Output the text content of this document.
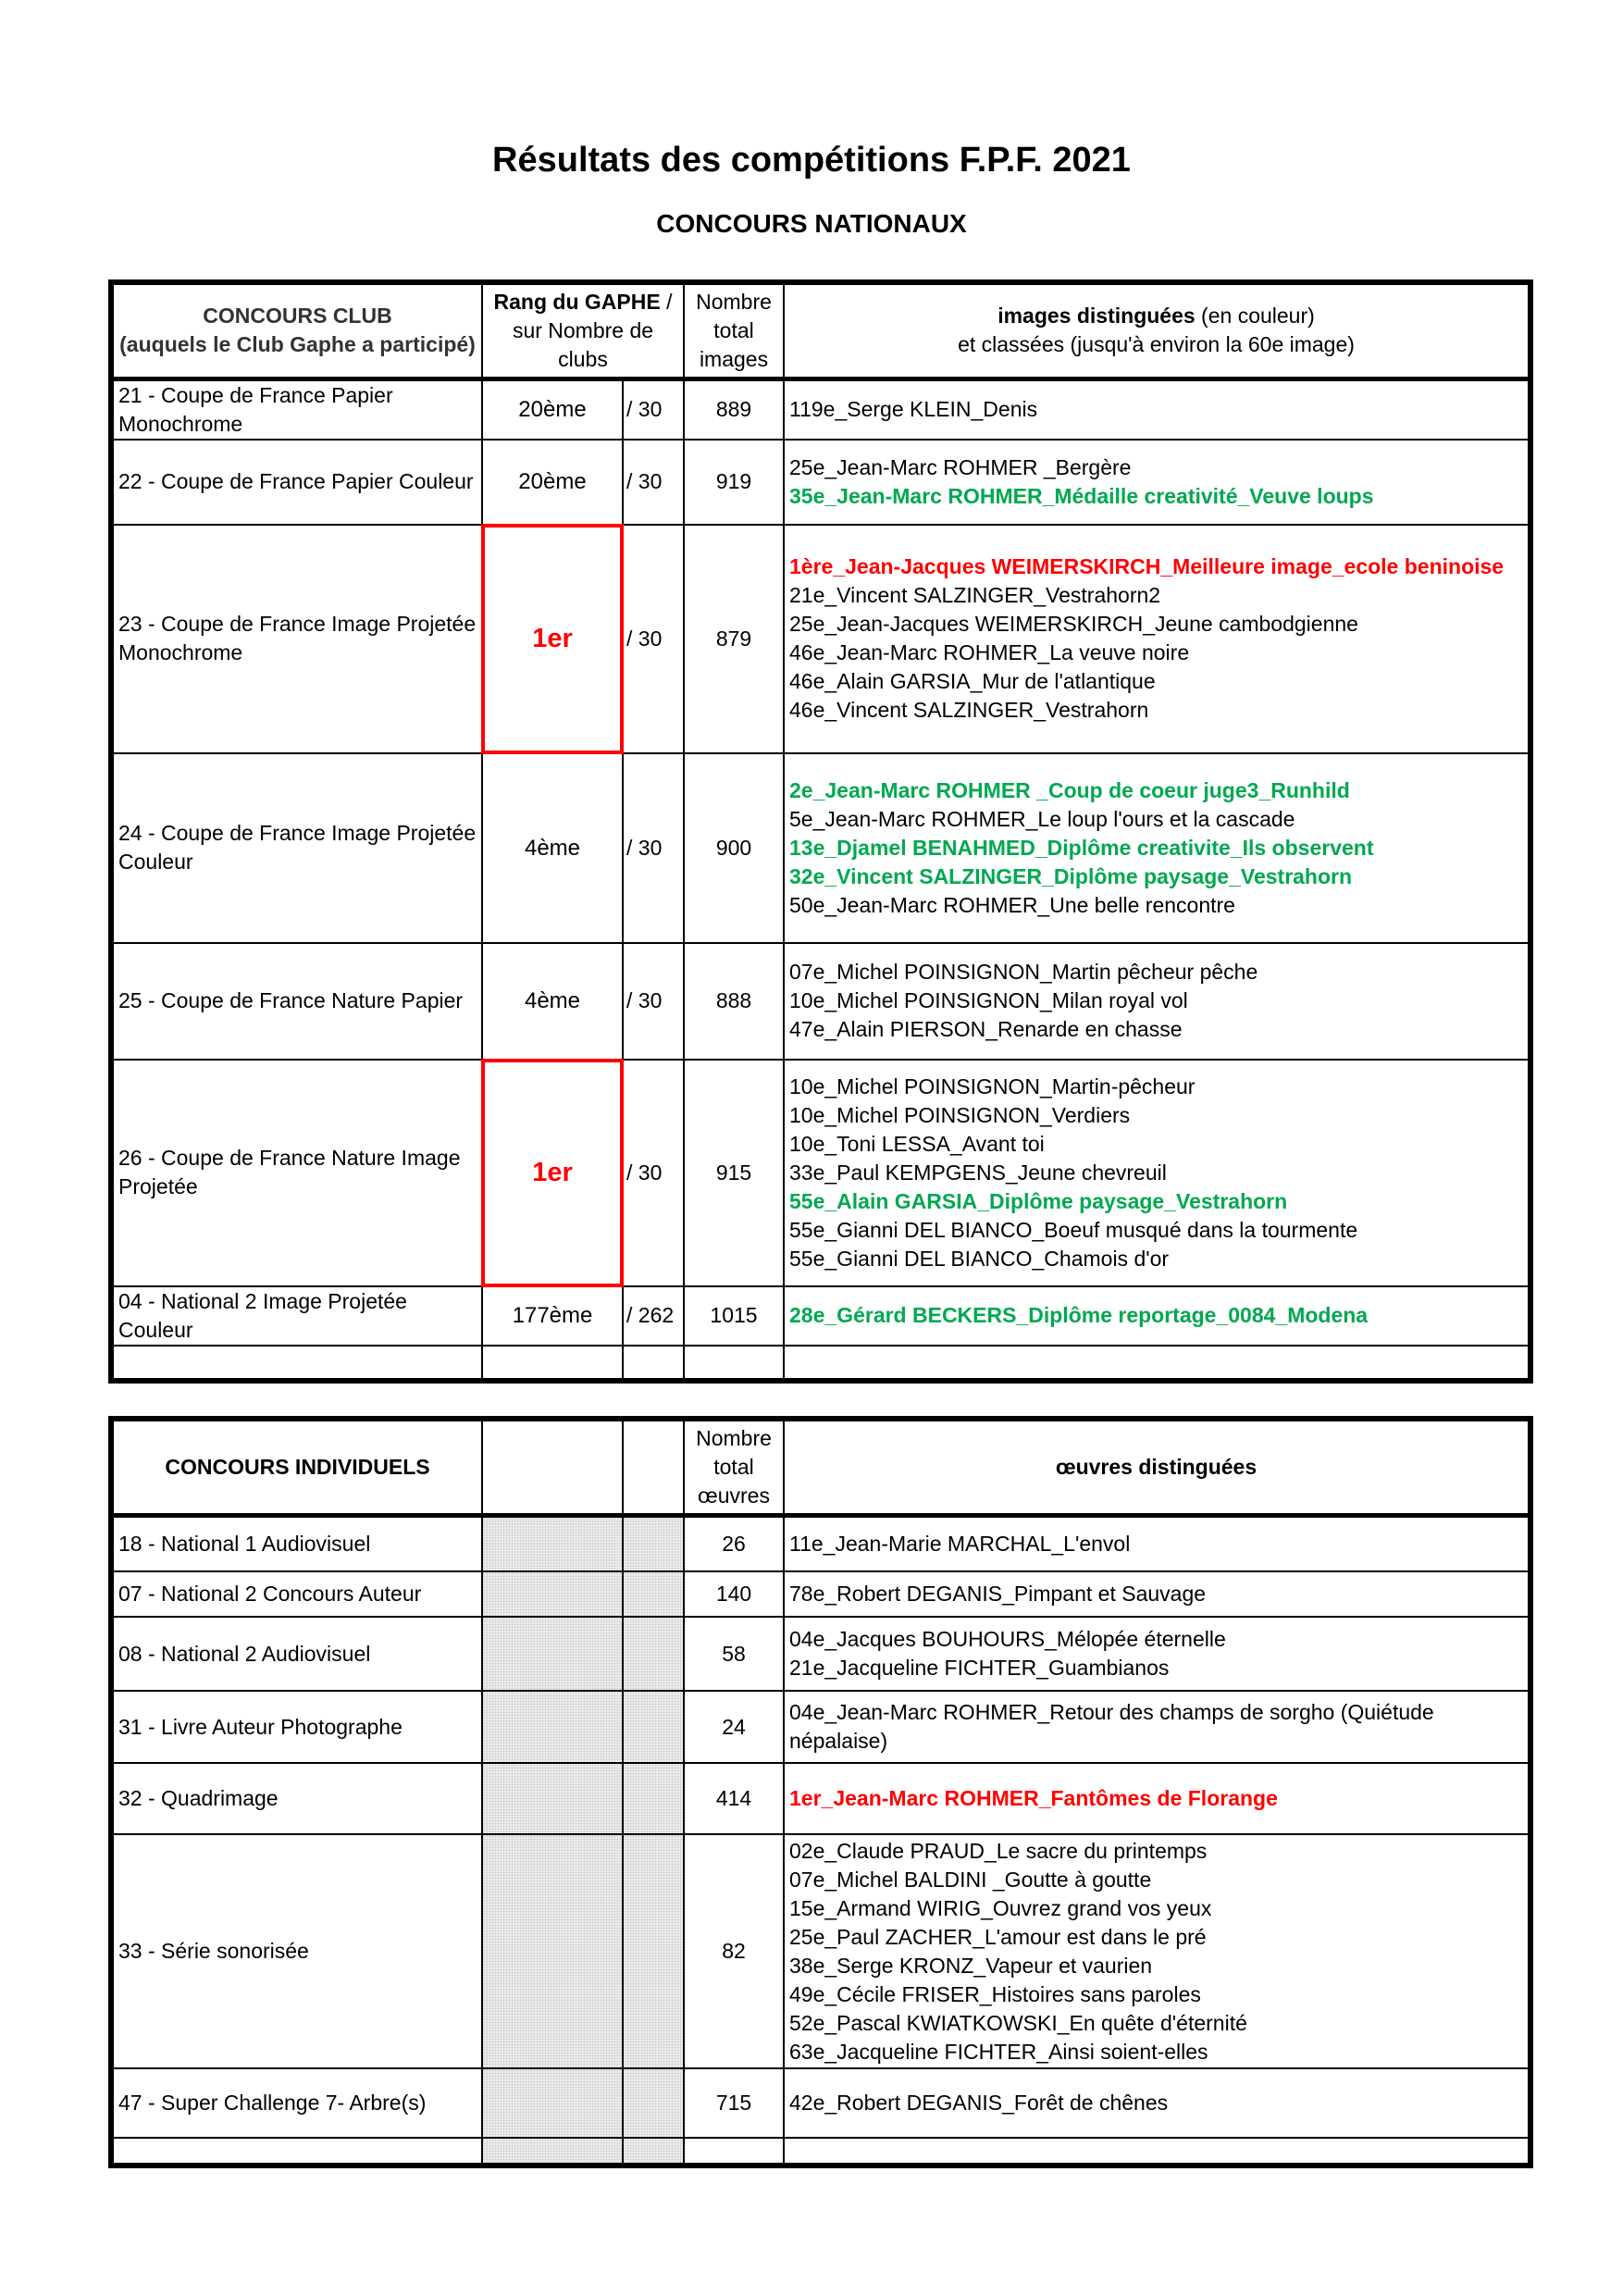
Résultats des compétitions F.P.F. 2021
CONCOURS NATIONAUX
CONCOURS CLUB
(auquels le Club Gaphe a participé)	Rang du GAPHE / sur Nombre de clubs		Nombre total images	images distinguées (en couleur)
et classées (jusqu'à environ la 60e image)
21 - Coupe de France Papier Monochrome	20ème	/ 30	889	119e_Serge KLEIN_Denis

22 - Coupe de France Papier Couleur	20ème	/ 30	919	25e_Jean-Marc ROHMER _Bergère
35e_Jean-Marc ROHMER_Médaille creativité_Veuve loups

23 - Coupe de France Image Projetée Monochrome	1er	/ 30	879	
1ère_Jean-Jacques WEIMERSKIRCH_Meilleure image_ecole beninoise
21e_Vincent SALZINGER_Vestrahorn2
25e_Jean-Jacques WEIMERSKIRCH_Jeune cambodgienne
46e_Jean-Marc ROHMER_La veuve noire
46e_Alain GARSIA_Mur de l'atlantique
46e_Vincent SALZINGER_Vestrahorn

24 - Coupe de France Image Projetée Couleur	4ème	/ 30	900	2e_Jean-Marc ROHMER _Coup de coeur juge3_Runhild
5e_Jean-Marc ROHMER_Le loup l'ours et la cascade
13e_Djamel BENAHMED_Diplôme creativite_Ils observent
32e_Vincent SALZINGER_Diplôme paysage_Vestrahorn
50e_Jean-Marc ROHMER_Une belle rencontre

25 - Coupe de France Nature Papier	4ème	/ 30	888	07e_Michel POINSIGNON_Martin pêcheur pêche
10e_Michel POINSIGNON_Milan royal vol
47e_Alain PIERSON_Renarde en chasse

26 - Coupe de France Nature Image Projetée	1er	/ 30	915	
10e_Michel POINSIGNON_Martin-pêcheur
10e_Michel POINSIGNON_Verdiers
10e_Toni LESSA_Avant toi
33e_Paul KEMPGENS_Jeune chevreuil
55e_Alain GARSIA_Diplôme paysage_Vestrahorn
55e_Gianni DEL BIANCO_Boeuf musqué dans la tourmente
55e_Gianni DEL BIANCO_Chamois d'or

04 - National 2 Image Projetée Couleur	177ème	/ 262	1015	28e_Gérard BECKERS_Diplôme reportage_0084_Modena

CONCOURS INDIVIDUELS			Nombre total œuvres	œuvres distinguées
18 - National 1 Audiovisuel			26	11e_Jean-Marie MARCHAL_L'envol

07 - National 2 Concours Auteur			140	78e_Robert DEGANIS_Pimpant et Sauvage

08 - National 2 Audiovisuel			58	04e_Jacques BOUHOURS_Mélopée éternelle
21e_Jacqueline FICHTER_Guambianos

31 - Livre Auteur Photographe			24	04e_Jean-Marc ROHMER_Retour des champs de sorgho (Quiétude népalaise)

32 - Quadrimage			414	1er_Jean-Marc ROHMER_Fantômes de Florange

33 - Série sonorisée			82	
02e_Claude PRAUD_Le sacre du printemps
07e_Michel BALDINI _Goutte à goutte
15e_Armand WIRIG_Ouvrez grand vos yeux
25e_Paul ZACHER_L'amour est dans le pré
38e_Serge KRONZ_Vapeur et vaurien
49e_Cécile FRISER_Histoires sans paroles
52e_Pascal KWIATKOWSKI_En quête d'éternité
63e_Jacqueline FICHTER_Ainsi soient-elles

47 - Super Challenge 7- Arbre(s)			715	42e_Robert DEGANIS_Forêt de chênes
